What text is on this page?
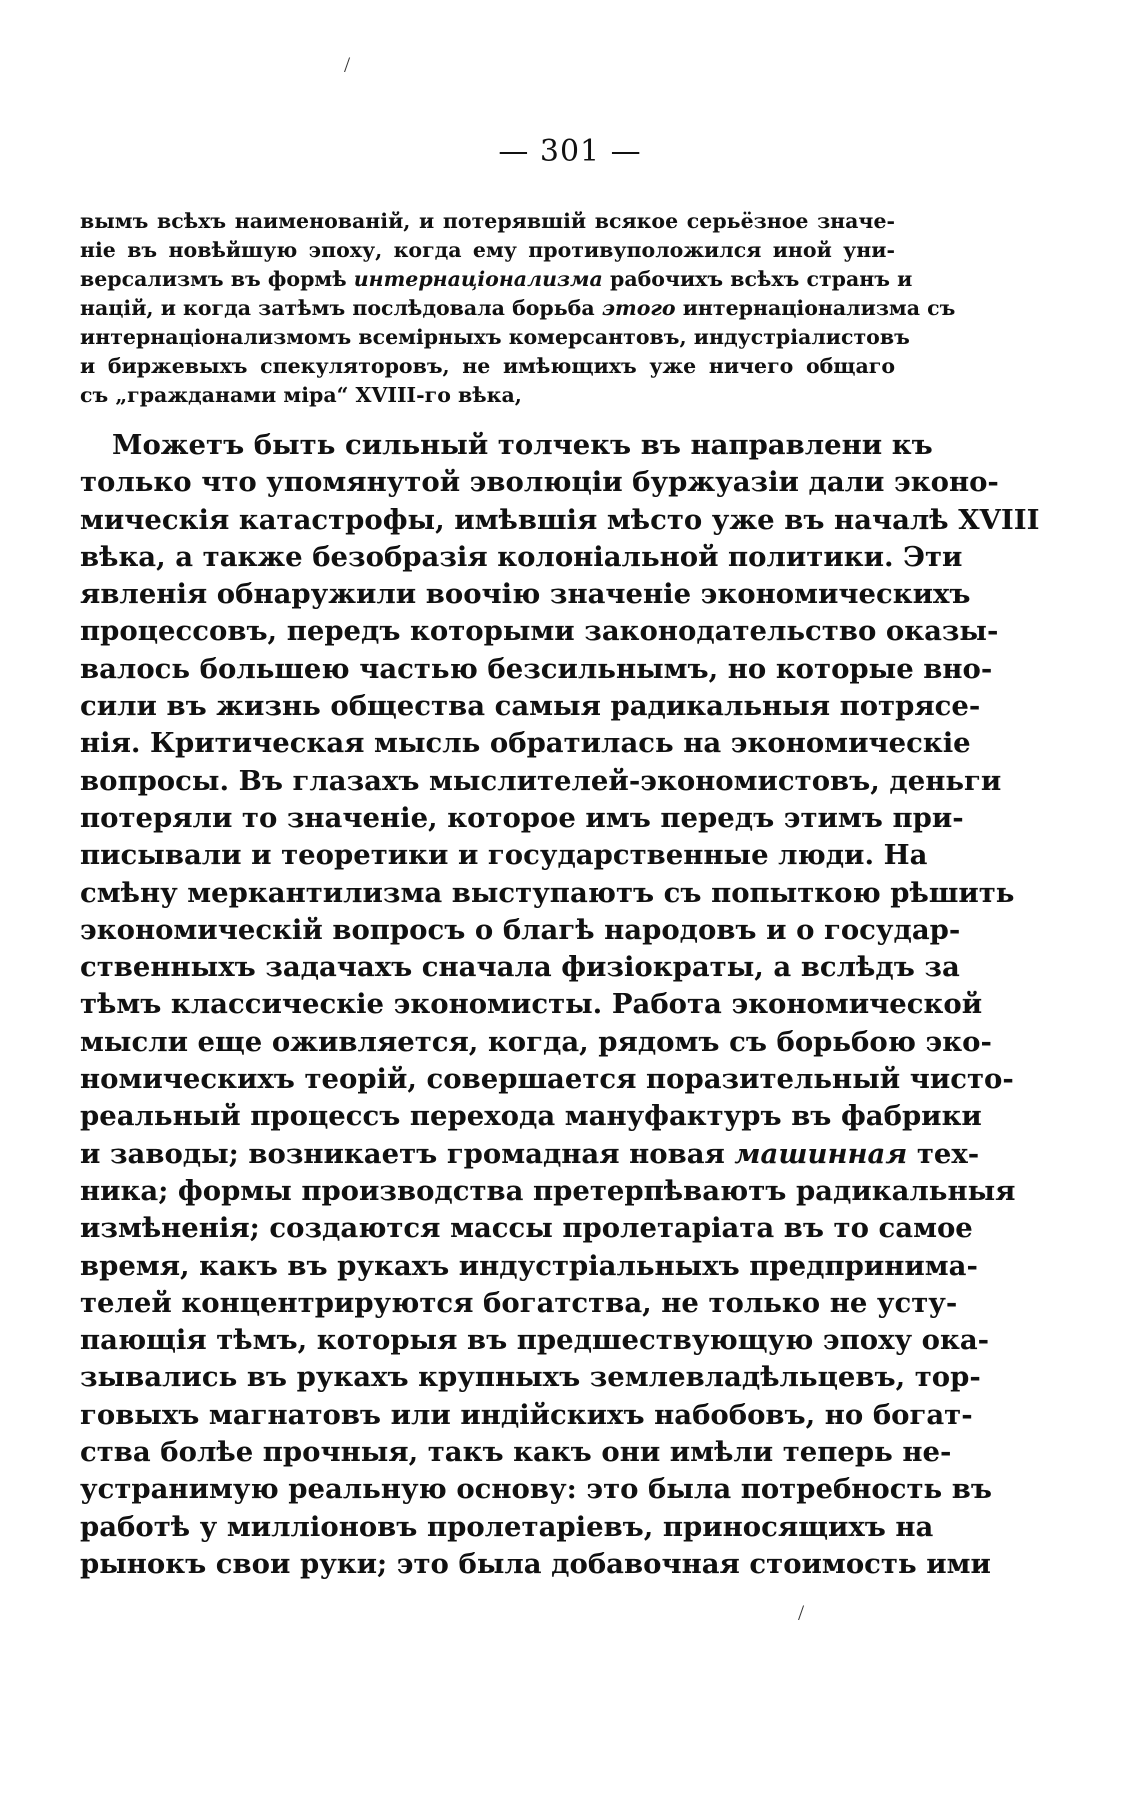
/
— 301 —
вымъ всѣхъ наименованій, и потерявшій всякое серьёзное значе-
ніе въ новѣйшую эпоху, когда ему противуположился иной уни-
версализмъ въ формѣ интернаціонализма рабочихъ всѣхъ странъ и
націй, и когда затѣмъ послѣдовала борьба этого интернаціонализма съ
интернаціонализмомъ всемірныхъ комерсантовъ, индустріалистовъ
и биржевыхъ спекуляторовъ, не имѣющихъ уже ничего общаго
съ „гражданами міра“ XVIII-го вѣка,
Можетъ быть сильный толчекъ въ направлени къ
только что упомянутой эволюціи буржуазіи дали эконо-
мическія катастрофы, имѣвшія мѣсто уже въ началѣ XVIII
вѣка, а также безобразія колоніальной политики. Эти
явленія обнаружили воочію значеніе экономическихъ
процессовъ, передъ которыми законодательство оказы-
валось большею частью безсильнымъ, но которые вно-
сили въ жизнь общества самыя радикальныя потрясе-
нія. Критическая мысль обратилась на экономическіе
вопросы. Въ глазахъ мыслителей-экономистовъ, деньги
потеряли то значеніе, которое имъ передъ этимъ при-
писывали и теоретики и государственные люди. На
смѣну меркантилизма выступаютъ съ попыткою рѣшить
экономическій вопросъ о благѣ народовъ и о государ-
ственныхъ задачахъ сначала физіократы, а вслѣдъ за
тѣмъ классическіе экономисты. Работа экономической
мысли еще оживляется, когда, рядомъ съ борьбою эко-
номическихъ теорій, совершается поразительный чисто-
реальный процессъ перехода мануфактуръ въ фабрики
и заводы; возникаетъ громадная новая машинная тех-
ника; формы производства претерпѣваютъ радикальныя
измѣненія; создаются массы пролетаріата въ то самое
время, какъ въ рукахъ индустріальныхъ предпринима-
телей концентрируются богатства, не только не усту-
пающія тѣмъ, которыя въ предшествующую эпоху ока-
зывались въ рукахъ крупныхъ землевладѣльцевъ, тор-
говыхъ магнатовъ или индійскихъ набобовъ, но богат-
ства болѣе прочныя, такъ какъ они имѣли теперь не-
устранимую реальную основу: это была потребность въ
работѣ у милліоновъ пролетаріевъ, приносящихъ на
рынокъ свои руки; это была добавочная стоимость ими
/
